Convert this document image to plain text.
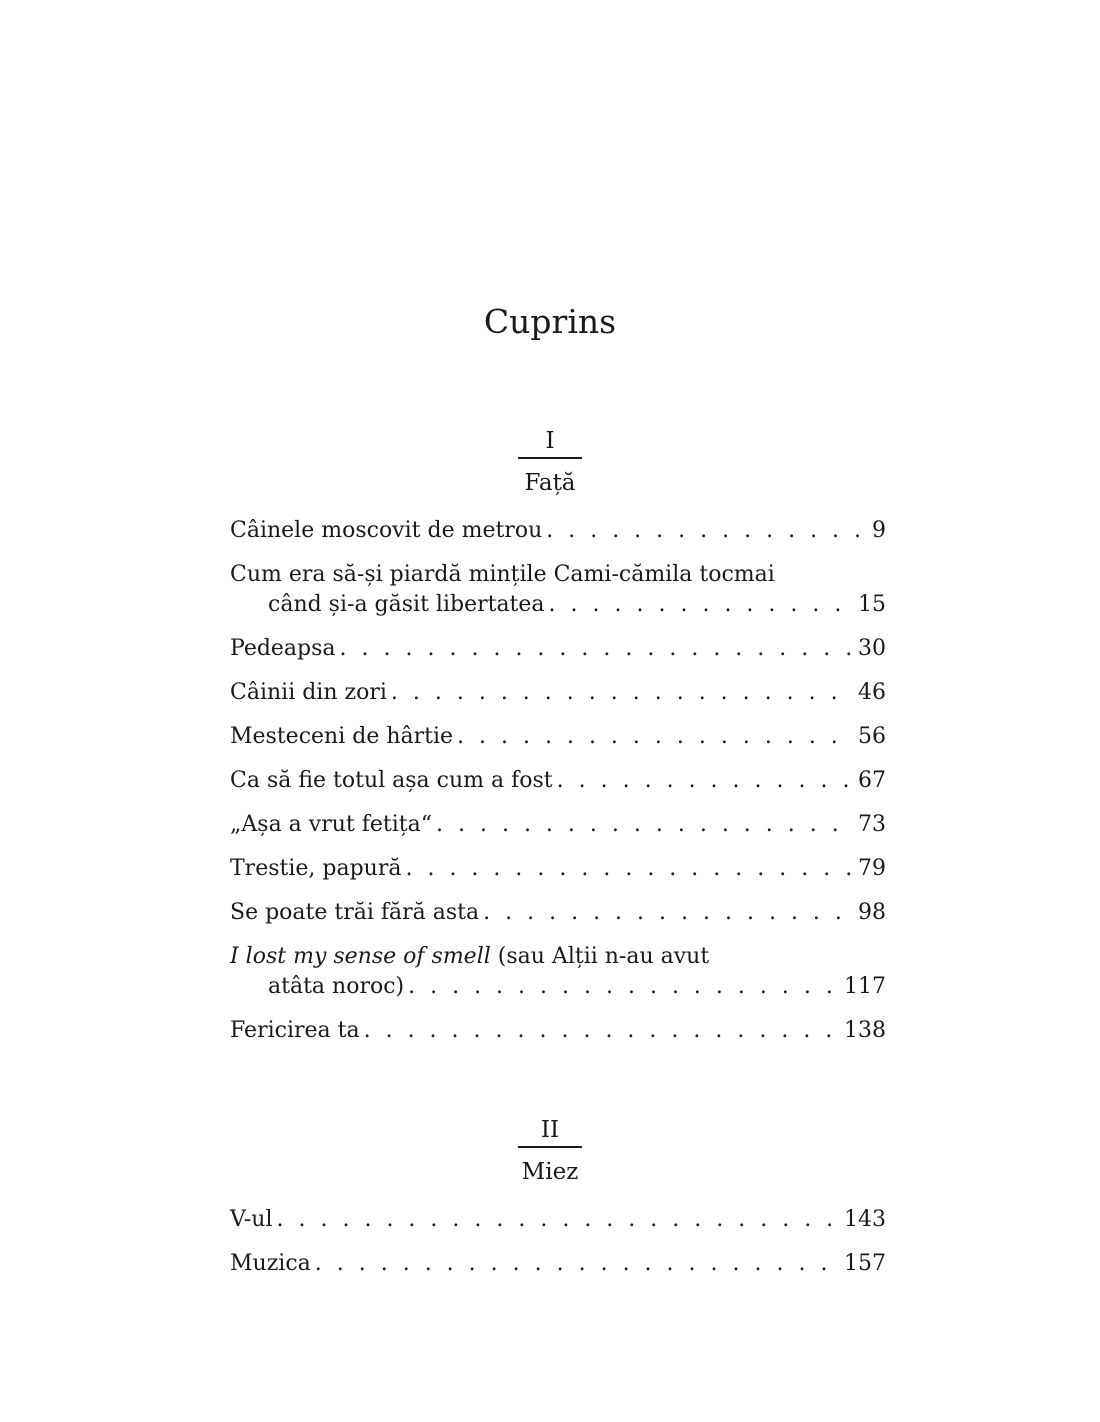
Cuprins
I
Față
Câinele moscovit de metrou . . .	9
Cum era să-și piardă mințile Cami-cămila tocmai
când și-a găsit libertatea . . .	15
Pedeapsa . . .	30
Câinii din zori . . .	46
Mesteceni de hârtie . . .	56
Ca să fie totul așa cum a fost . . .	67
„Așa a vrut fetița“ . . .	73
Trestie, papură . . .	79
Se poate trăi fără asta . . .	98
I lost my sense of smell (sau Alții n-au avut
atâta noroc) . . .	117
Fericirea ta . . .	138
II
Miez
V-ul . . .	143
Muzica . . .	157
